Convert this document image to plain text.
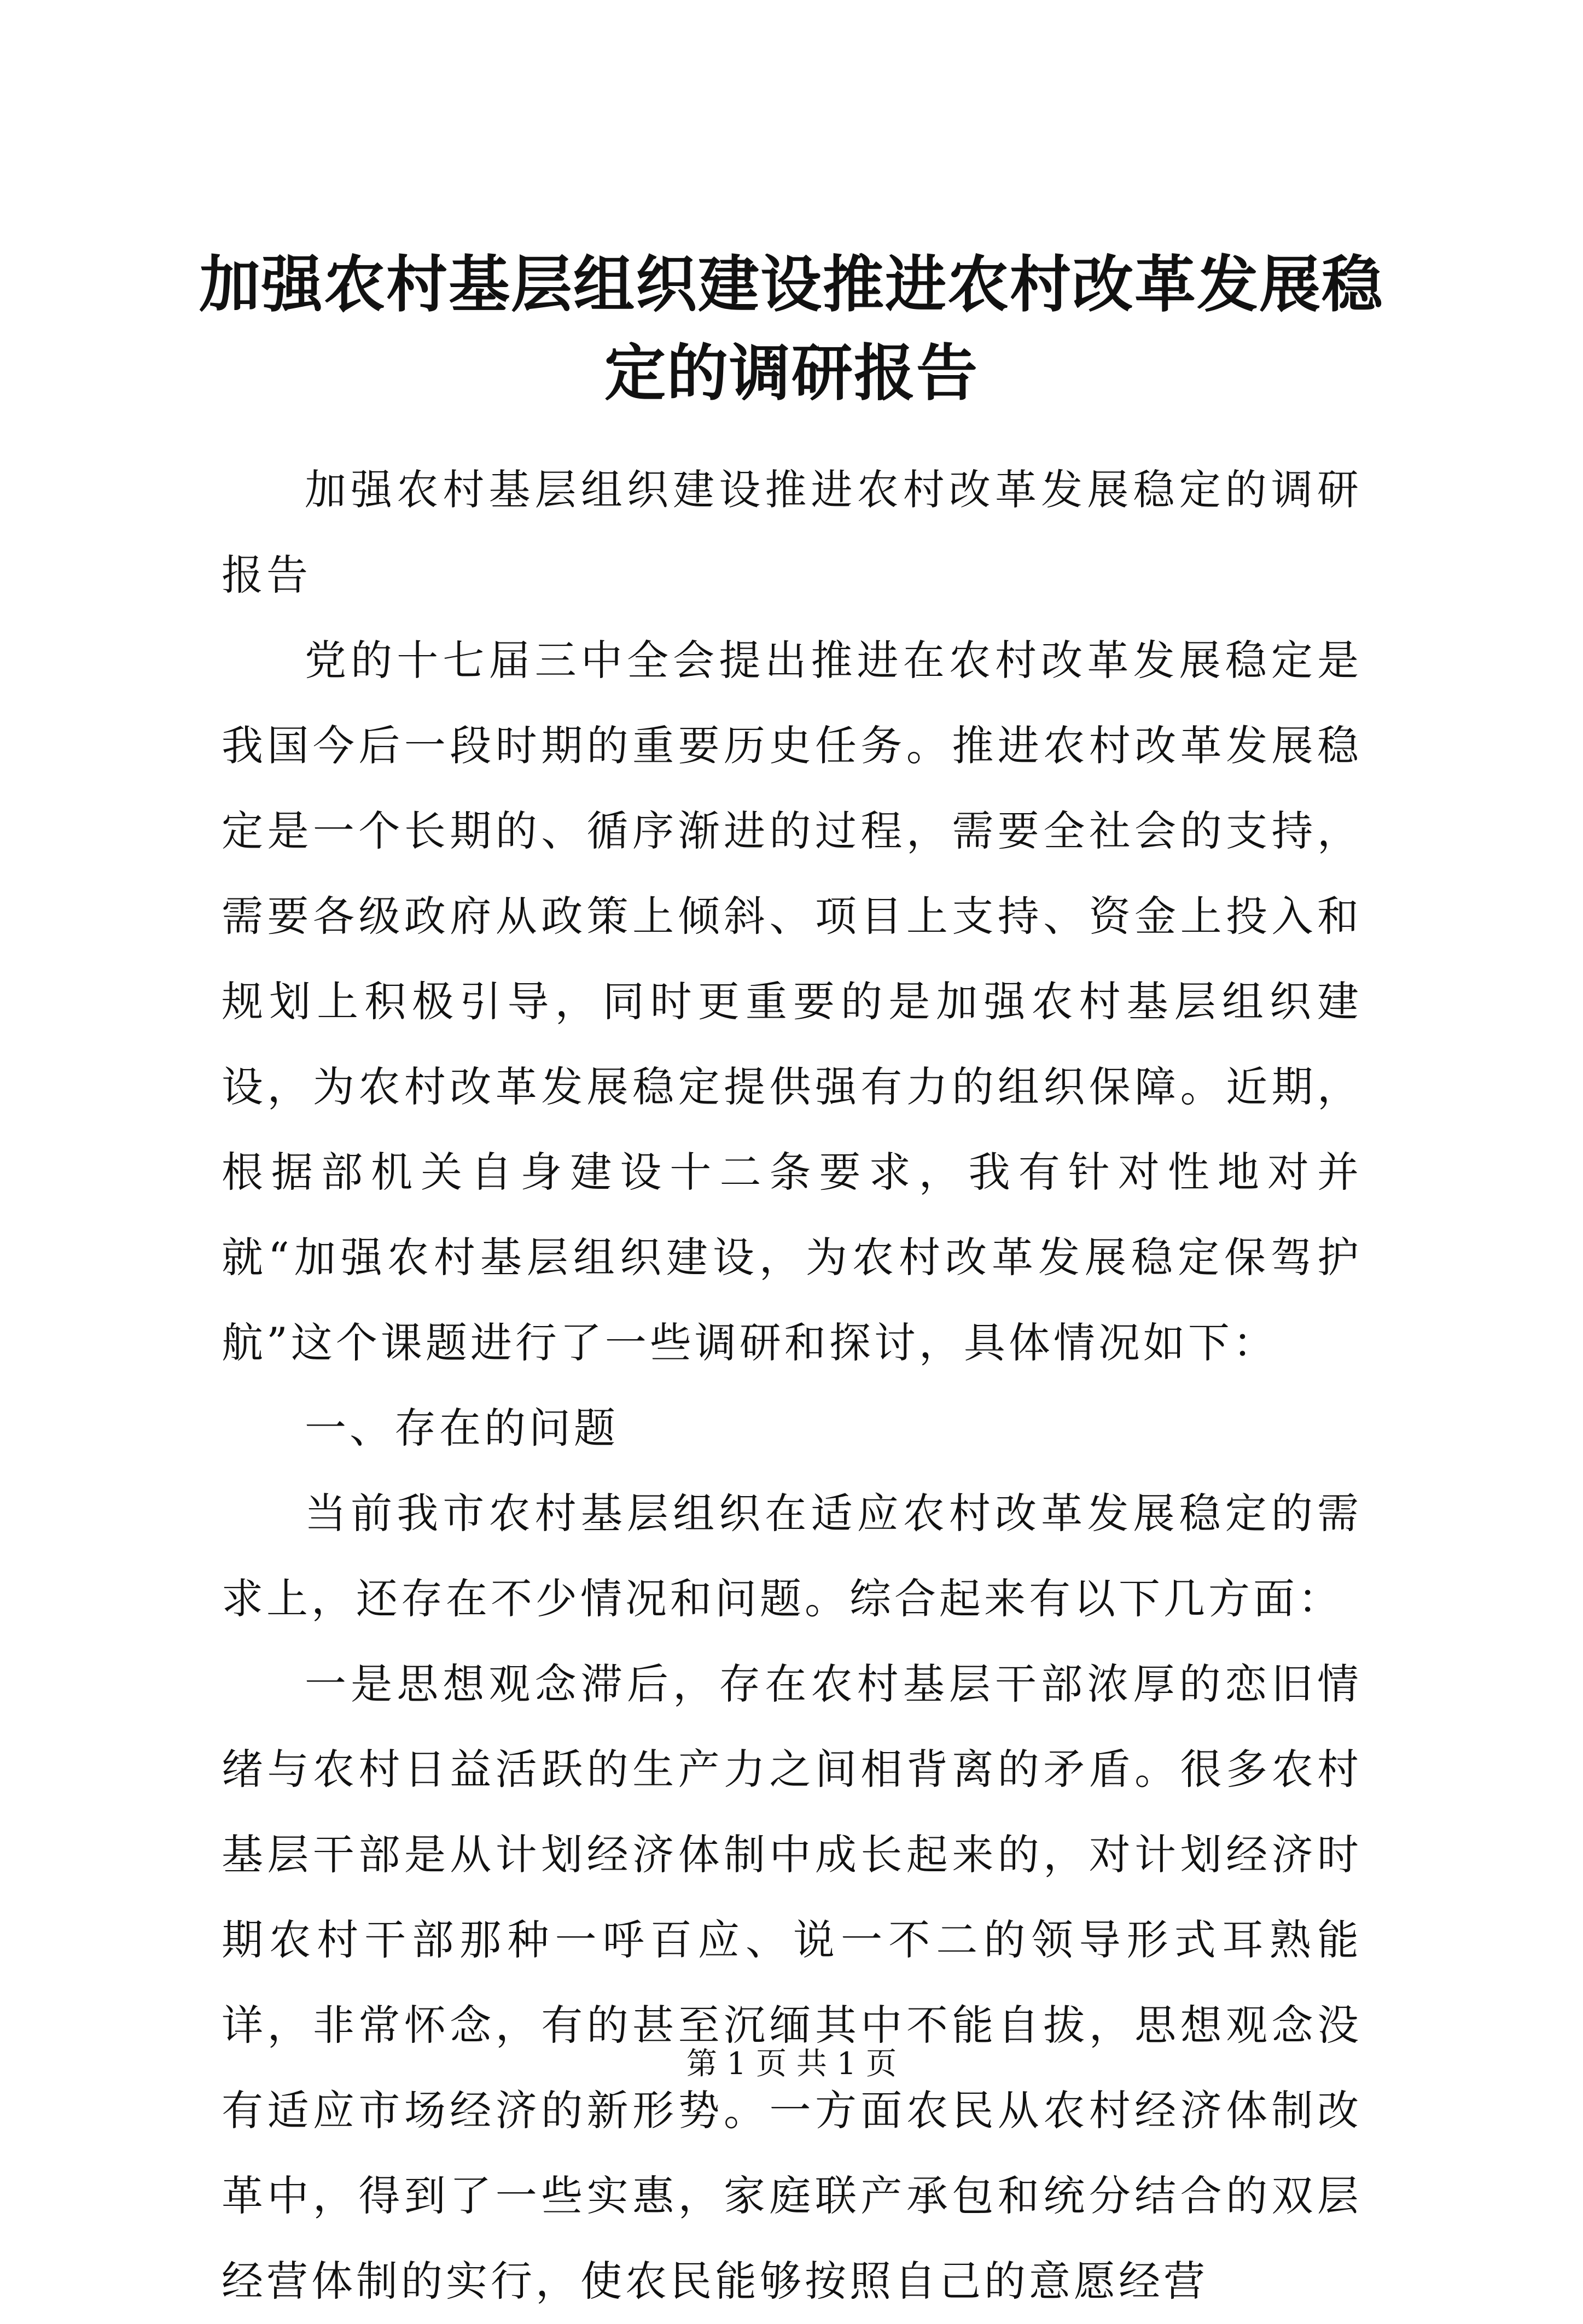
加强农村基层组织建设推进农村改革发展稳定的调研报告

加强农村基层组织建设推进农村改革发展稳定的调研报告

党的十七届三中全会提出推进在农村改革发展稳定是我国今后一段时期的重要历史任务。推进农村改革发展稳定是一个长期的、循序渐进的过程，需要全社会的支持，需要各级政府从政策上倾斜、项目上支持、资金上投入和规划上积极引导，同时更重要的是加强农村基层组织建设，为农村改革发展稳定提供强有力的组织保障。近期，根据部机关自身建设十二条要求，我有针对性地对并就“加强农村基层组织建设，为农村改革发展稳定保驾护航”这个课题进行了一些调研和探讨，具体情况如下：

一、存在的问题

当前我市农村基层组织在适应农村改革发展稳定的需求上，还存在不少情况和问题。综合起来有以下几方面：

一是思想观念滞后，存在农村基层干部浓厚的恋旧情绪与农村日益活跃的生产力之间相背离的矛盾。很多农村基层干部是从计划经济体制中成长起来的，对计划经济时期农村干部那种一呼百应、说一不二的领导形式耳熟能详，非常怀念，有的甚至沉缅其中不能自拔，思想观念没有适应市场经济的新形势。一方面农民从农村经济体制改革中，得到了一些实惠，家庭联产承包和统分结合的双层经营体制的实行，使农民能够按照自己的意愿经营

第 1 页 共 1 页
